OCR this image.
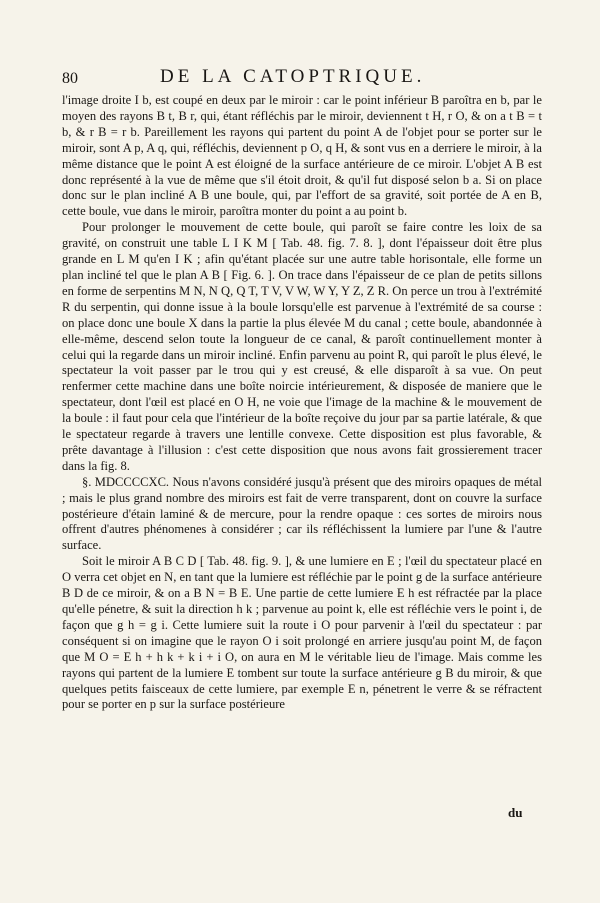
80	DE LA CATOPTRIQUE.

l'image droite I b, est coupé en deux par le miroir : car le point inférieur B paroîtra en b, par le moyen des rayons B t, B r, qui, étant réfléchis par le miroir, deviennent t H, r O, & on a t B = t b, & r B = r b. Pareillement les rayons qui partent du point A de l'objet pour se porter sur le miroir, sont A p, A q, qui, réfléchis, deviennent p O, q H, & sont vus en a derriere le miroir, à la même distance que le point A est éloigné de la surface antérieure de ce miroir. L'objet A B est donc représenté à la vue de même que s'il étoit droit, & qu'il fut disposé selon b a. Si on place donc sur le plan incliné A B une boule, qui, par l'effort de sa gravité, soit portée de A en B, cette boule, vue dans le miroir, paroîtra monter du point a au point b.

Pour prolonger le mouvement de cette boule, qui paroît se faire contre les loix de sa gravité, on construit une table L I K M [ Tab. 48. fig. 7. 8. ], dont l'épaisseur doit être plus grande en L M qu'en I K ; afin qu'étant placée sur une autre table horisontale, elle forme un plan incliné tel que le plan A B [ Fig. 6. ]. On trace dans l'épaisseur de ce plan de petits sillons en forme de serpentins M N, N Q, Q T, T V, V W, W Y, Y Z, Z R. On perce un trou à l'extrémité R du serpentin, qui donne issue à la boule lorsqu'elle est parvenue à l'extrémité de sa course : on place donc une boule X dans la partie la plus élevée M du canal ; cette boule, abandonnée à elle-même, descend selon toute la longueur de ce canal, & paroît continuellement monter à celui qui la regarde dans un miroir incliné. Enfin parvenu au point R, qui paroît le plus élevé, le spectateur la voit passer par le trou qui y est creusé, & elle disparoît à sa vue. On peut renfermer cette machine dans une boîte noircie intérieurement, & disposée de maniere que le spectateur, dont l'œil est placé en O H, ne voie que l'image de la machine & le mouvement de la boule : il faut pour cela que l'intérieur de la boîte reçoive du jour par sa partie latérale, & que le spectateur regarde à travers une lentille convexe. Cette disposition est plus favorable, & prête davantage à l'illusion : c'est cette disposition que nous avons fait grossierement tracer dans la fig. 8.

§. MDCCCCXC. Nous n'avons considéré jusqu'à présent que des miroirs opaques de métal ; mais le plus grand nombre des miroirs est fait de verre transparent, dont on couvre la surface postérieure d'étain laminé & de mercure, pour la rendre opaque : ces sortes de miroirs nous offrent d'autres phénomenes à considérer ; car ils réfléchissent la lumiere par l'une & l'autre surface.

Soit le miroir A B C D [ Tab. 48. fig. 9. ], & une lumiere en E ; l'œil du spectateur placé en O verra cet objet en N, en tant que la lumiere est réfléchie par le point g de la surface antérieure B D de ce miroir, & on a B N = B E. Une partie de cette lumiere E h est réfractée par la place qu'elle pénetre, & suit la direction h k ; parvenue au point k, elle est réfléchie vers le point i, de façon que g h = g i. Cette lumiere suit la route i O pour parvenir à l'œil du spectateur : par conséquent si on imagine que le rayon O i soit prolongé en arriere jusqu'au point M, de façon que M O = E h + h k + k i + i O, on aura en M le véritable lieu de l'image. Mais comme les rayons qui partent de la lumiere E tombent sur toute la surface antérieure g B du miroir, & que quelques petits faisceaux de cette lumiere, par exemple E n, pénetrent le verre & se réfractent pour se porter en p sur la surface postérieure

du
